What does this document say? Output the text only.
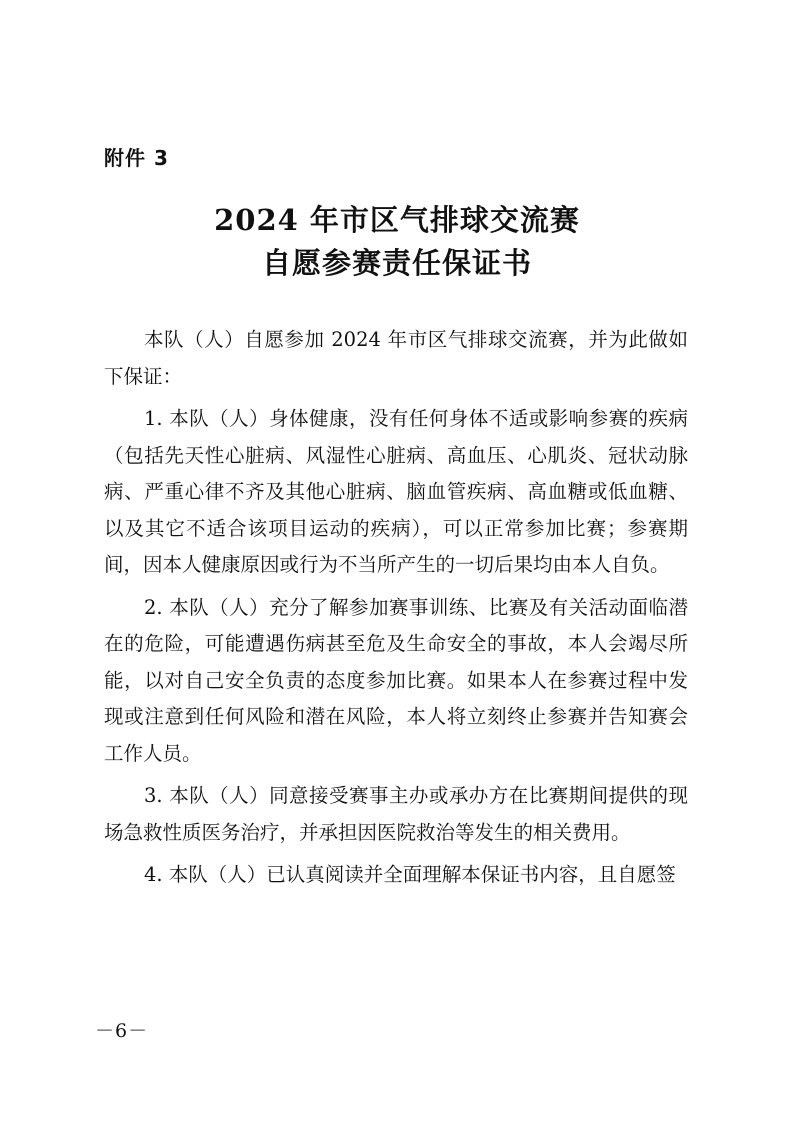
附件 3
2024 年市区气排球交流赛
自愿参赛责任保证书

本队（人）自愿参加 2024 年市区气排球交流赛，并为此做如下保证：

1. 本队（人）身体健康，没有任何身体不适或影响参赛的疾病（包括先天性心脏病、风湿性心脏病、高血压、心肌炎、冠状动脉病、严重心律不齐及其他心脏病、脑血管疾病、高血糖或低血糖、以及其它不适合该项目运动的疾病），可以正常参加比赛；参赛期间，因本人健康原因或行为不当所产生的一切后果均由本人自负。

2. 本队（人）充分了解参加赛事训练、比赛及有关活动面临潜在的危险，可能遭遇伤病甚至危及生命安全的事故，本人会竭尽所能，以对自己安全负责的态度参加比赛。如果本人在参赛过程中发现或注意到任何风险和潜在风险，本人将立刻终止参赛并告知赛会工作人员。

3. 本队（人）同意接受赛事主办或承办方在比赛期间提供的现场急救性质医务治疗，并承担因医院救治等发生的相关费用。

4. 本队（人）已认真阅读并全面理解本保证书内容，且自愿签

－6－
